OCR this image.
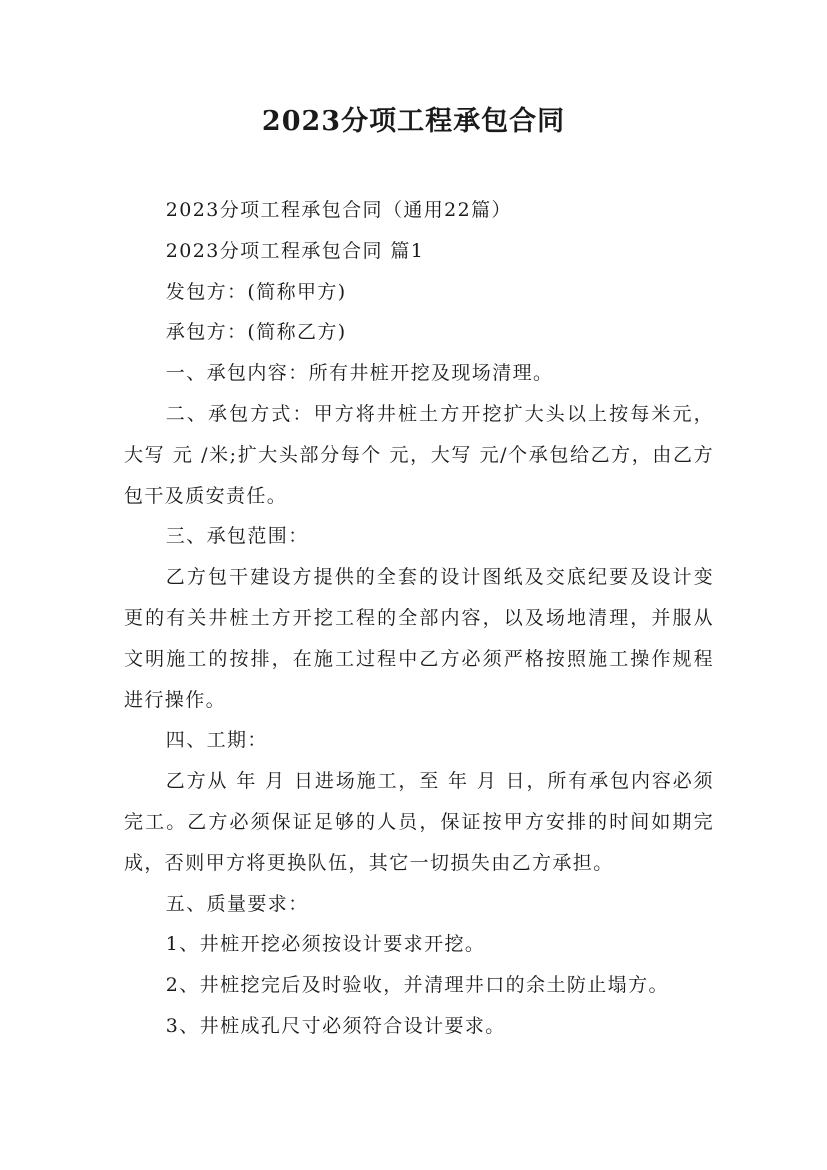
2023分项工程承包合同

2023分项工程承包合同（通用22篇）

2023分项工程承包合同 篇1

发包方：(简称甲方)

承包方：(简称乙方)

一、承包内容：所有井桩开挖及现场清理。

二、承包方式：甲方将井桩土方开挖扩大头以上按每米元，大写 元 /米;扩大头部分每个 元，大写 元/个承包给乙方，由乙方包干及质安责任。

三、承包范围：

乙方包干建设方提供的全套的设计图纸及交底纪要及设计变更的有关井桩土方开挖工程的全部内容，以及场地清理，并服从文明施工的按排，在施工过程中乙方必须严格按照施工操作规程进行操作。

四、工期：

乙方从 年 月 日进场施工，至 年 月 日，所有承包内容必须完工。乙方必须保证足够的人员，保证按甲方安排的时间如期完成，否则甲方将更换队伍，其它一切损失由乙方承担。

五、质量要求：

1、井桩开挖必须按设计要求开挖。

2、井桩挖完后及时验收，并清理井口的余土防止塌方。

3、井桩成孔尺寸必须符合设计要求。
